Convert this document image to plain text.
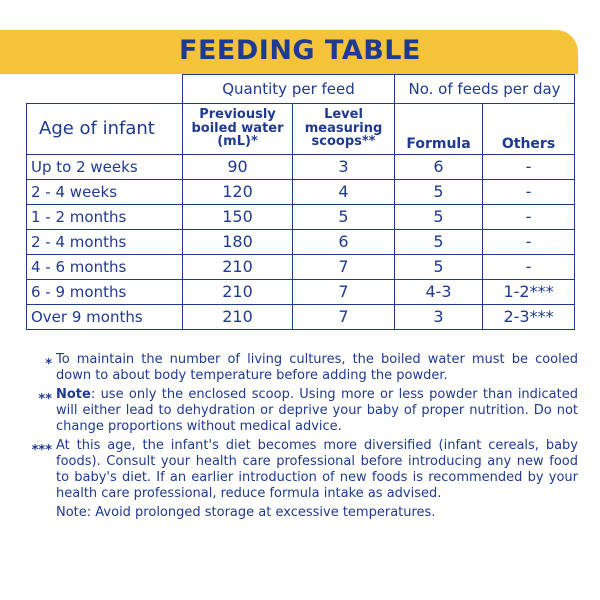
FEEDING TABLE
	Quantity per feed		No. of feeds per day	
Age of infant	Previously boiled water (mL)*	Level measuring scoops**	Formula	Others
Up to 2 weeks	90	3	6	-
2 - 4 weeks	120	4	5	-
1 - 2 months	150	5	5	-
2 - 4 months	180	6	5	-
4 - 6 months	210	7	5	-
6 - 9 months	210	7	4-3	1-2***
Over 9 months	210	7	3	2-3***
* To maintain the number of living cultures, the boiled water must be cooled down to about body temperature before adding the powder.
** Note: use only the enclosed scoop. Using more or less powder than indicated will either lead to dehydration or deprive your baby of proper nutrition. Do not change proportions without medical advice.
*** At this age, the infant's diet becomes more diversified (infant cereals, baby foods). Consult your health care professional before introducing any new food to baby's diet. If an earlier introduction of new foods is recommended by your health care professional, reduce formula intake as advised.
Note: Avoid prolonged storage at excessive temperatures.
